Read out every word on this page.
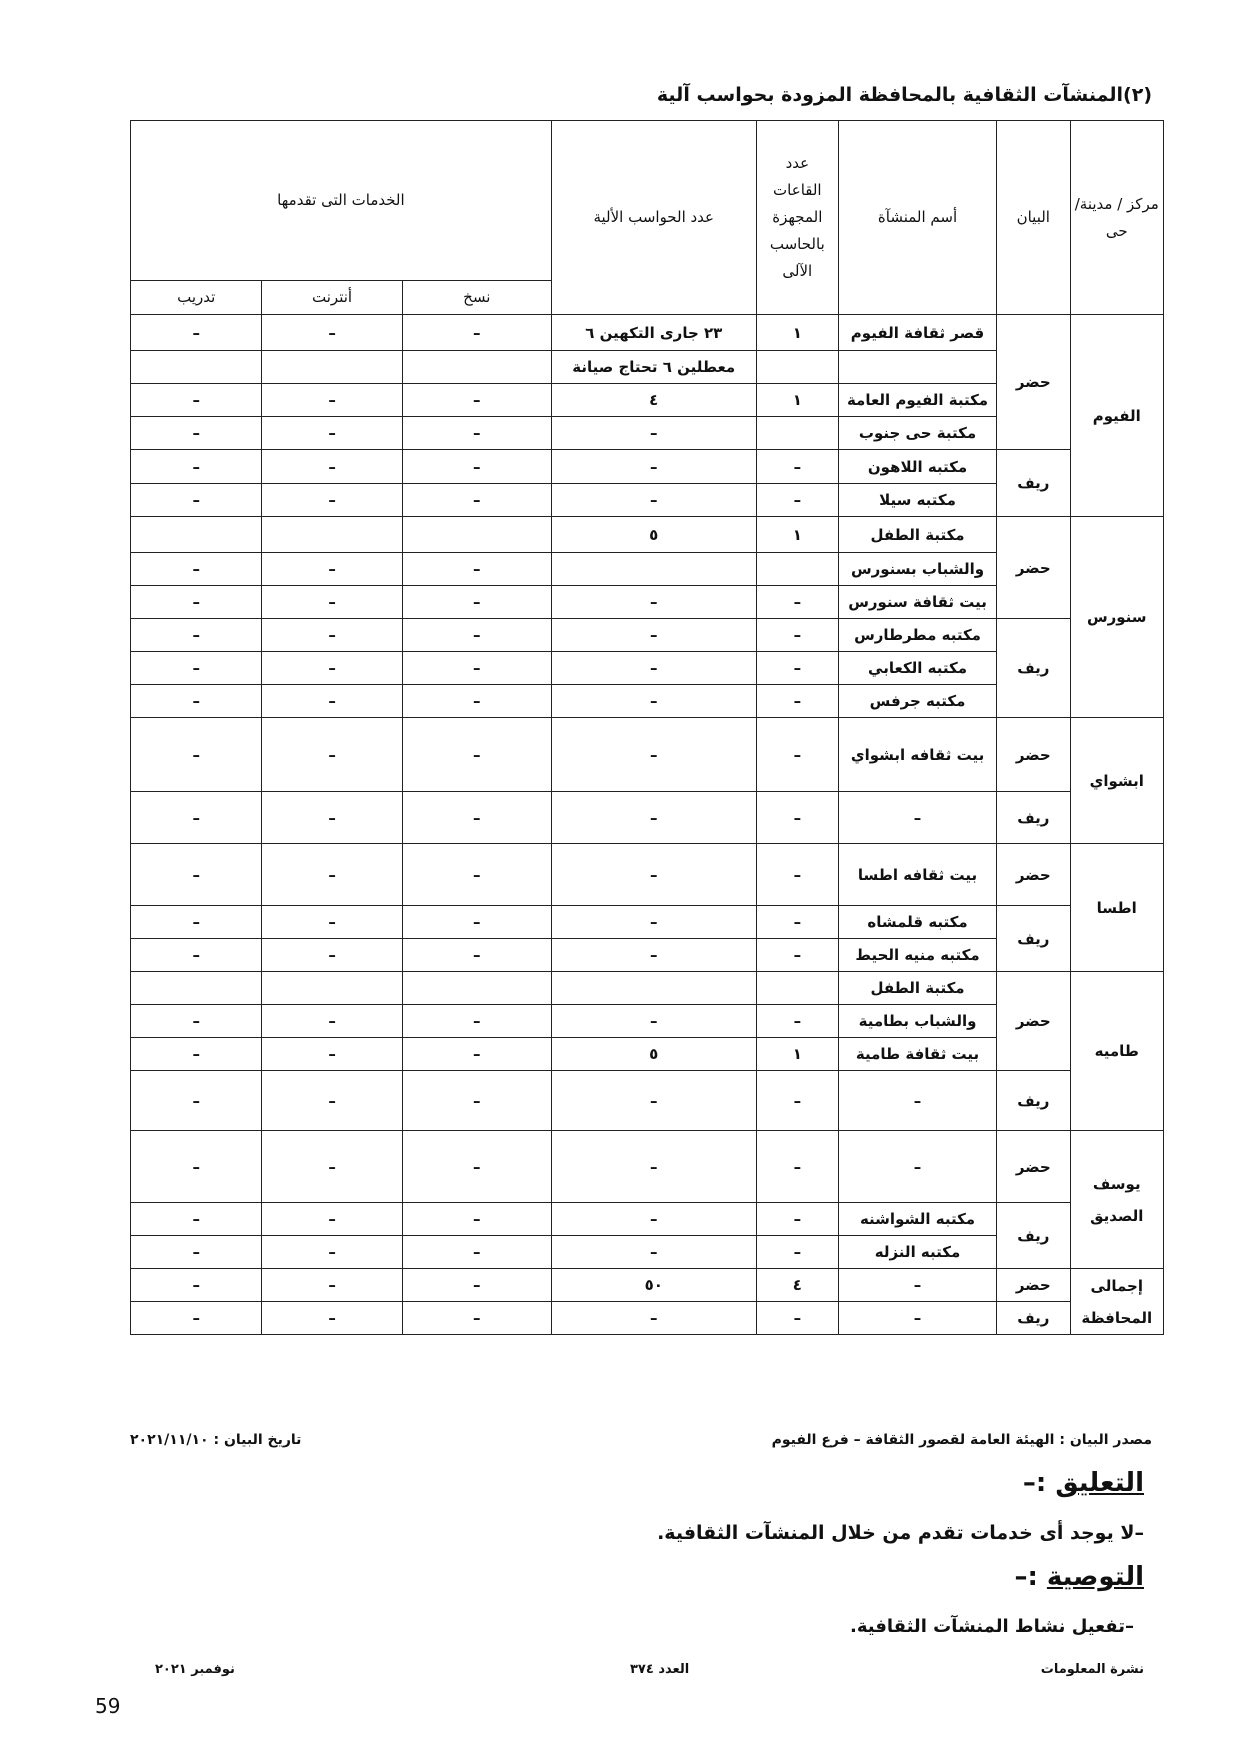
(٢)المنشآت الثقافية بالمحافظة المزودة بحواسب آلية
مركز / مدينة/حى	البيان	أسم المنشآة	عدد القاعات المجهزة بالحاسب الآلى	عدد الحواسب الألية	الخدمات التى تقدمها		
					نسخ	أنترنت	تدريب
الفيوم	حضر	قصر ثقافة الفيوم	١	٢٣ جارى التكهين ٦	–	–	–
				معطلين ٦ تحتاج صيانة			
		مكتبة الفيوم العامة	١	٤	–	–	–
		مكتبة حى جنوب		–	–	–	–
	ريف	مكتبه اللاهون	–	–	–	–	–
		مكتبه سيلا	–	–	–	–	–
سنورس	حضر	مكتبة الطفل	١	٥			
		والشباب بسنورس			–	–	–
		بيت ثقافة سنورس	–	–	–	–	–
	ريف	مكتبه مطرطارس	–	–	–	–	–
		مكتبه الكعابي	–	–	–	–	–
		مكتبه جرفس	–	–	–	–	–
ابشواي	حضر	بيت ثقافه ابشواي	–	–	–	–	–
	ريف	–	–	–	–	–	–
اطسا	حضر	بيت ثقافه اطسا	–	–	–	–	–
	ريف	مكتبه قلمشاه	–	–	–	–	–
		مكتبه منيه الحيط	–	–	–	–	–
طاميه	حضر	مكتبة الطفل					
		والشباب بطامية	–	–	–	–	–
		بيت ثقافة طامية	١	٥	–	–	–
	ريف	–	–	–	–	–	–
يوسف الصديق	حضر	–	–	–	–	–	–
	ريف	مكتبه الشواشنه	–	–	–	–	–
		مكتبه النزله	–	–	–	–	–
إجمالى المحافظة	حضر	–	٤	٥٠	–	–	–
	ريف	–	–	–	–	–	–
مصدر البيان : الهيئة العامة لقصور الثقافة – فرع الفيوم
تاريخ البيان : ٢٠٢١/١١/١٠
التعليق :–
–لا يوجد أى خدمات تقدم من خلال المنشآت الثقافية.
التوصية :–
–تفعيل نشاط المنشآت الثقافية.
نشرة المعلومات
العدد ٣٧٤
نوفمبر ٢٠٢١
59
